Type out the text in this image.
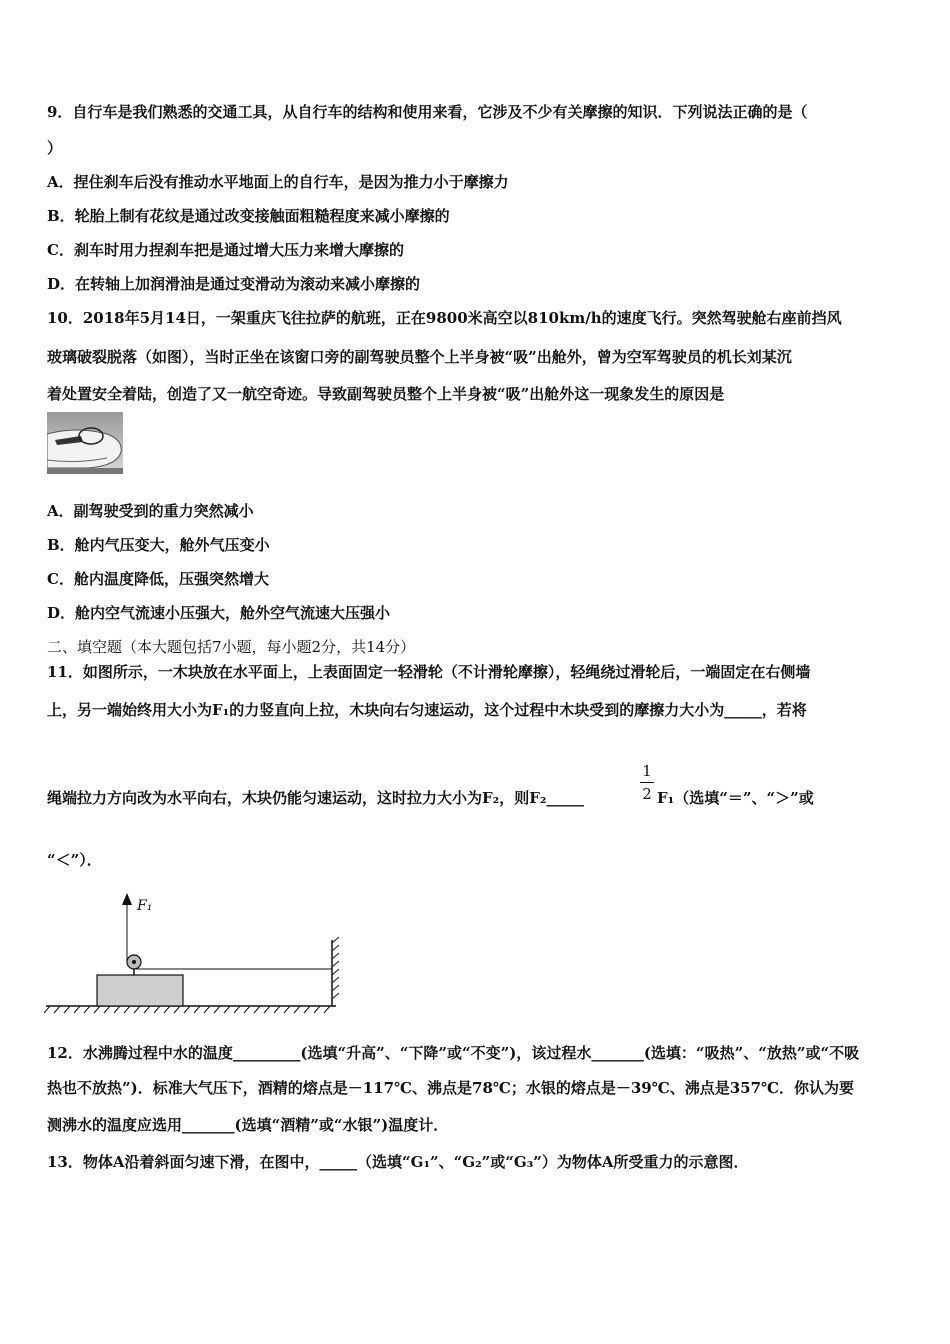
9．自行车是我们熟悉的交通工具，从自行车的结构和使用来看，它涉及不少有关摩擦的知识．下列说法正确的是（
）
A．捏住刹车后没有推动水平地面上的自行车，是因为推力小于摩擦力
B．轮胎上制有花纹是通过改变接触面粗糙程度来减小摩擦的
C．刹车时用力捏刹车把是通过增大压力来增大摩擦的
D．在转轴上加润滑油是通过变滑动为滚动来减小摩擦的
10．2018年5月14日，一架重庆飞往拉萨的航班，正在9800米高空以810km/h的速度飞行。突然驾驶舱右座前挡风
玻璃破裂脱落（如图），当时正坐在该窗口旁的副驾驶员整个上半身被“吸”出舱外，曾为空军驾驶员的机长刘某沉
着处置安全着陆，创造了又一航空奇迹。导致副驾驶员整个上半身被“吸”出舱外这一现象发生的原因是
A．副驾驶受到的重力突然减小
B．舱内气压变大，舱外气压变小
C．舱内温度降低，压强突然增大
D．舱内空气流速小压强大，舱外空气流速大压强小
二、填空题（本大题包括7小题，每小题2分，共14分）
11．如图所示，一木块放在水平面上，上表面固定一轻滑轮（不计滑轮摩擦），轻绳绕过滑轮后，一端固定在右侧墙
上，另一端始终用大小为F₁的力竖直向上拉，木块向右匀速运动，这个过程中木块受到的摩擦力大小为_____，若将
绳端拉力方向改为水平向右，木块仍能匀速运动，这时拉力大小为F₂，则F₂_____
1
2 F₁（选填“＝”、“＞”或
“＜”）．
F₁
12．水沸腾过程中水的温度_________(选填“升高”、“下降”或“不变”)，该过程水_______(选填：“吸热”、“放热”或“不吸
热也不放热”)．标准大气压下，酒精的熔点是－117℃、沸点是78℃；水银的熔点是－39℃、沸点是357℃．你认为要
测沸水的温度应选用_______(选填“酒精”或“水银”)温度计．
13．物体A沿着斜面匀速下滑，在图中，_____（选填“G₁”、“G₂”或“G₃”）为物体A所受重力的示意图．
